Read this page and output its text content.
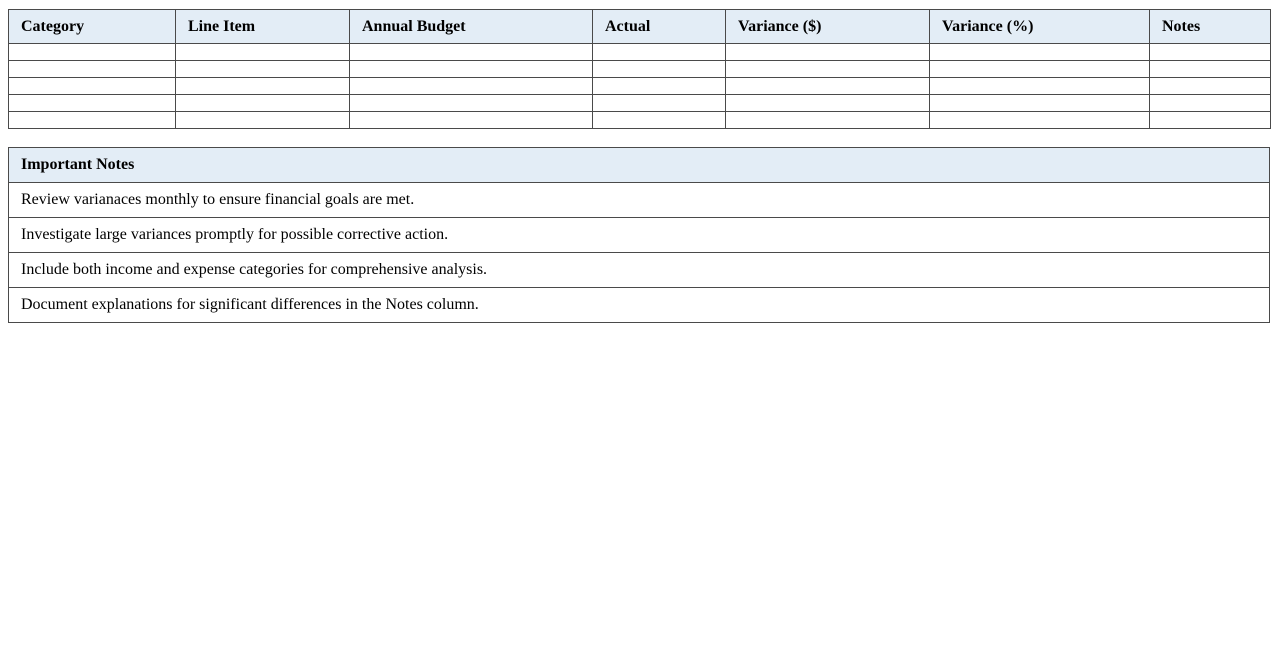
Category	Line Item	Annual Budget	Actual	Variance ($)	Variance (%)	Notes

Important Notes
Review varianaces monthly to ensure financial goals are met.
Investigate large variances promptly for possible corrective action.
Include both income and expense categories for comprehensive analysis.
Document explanations for significant differences in the Notes column.
